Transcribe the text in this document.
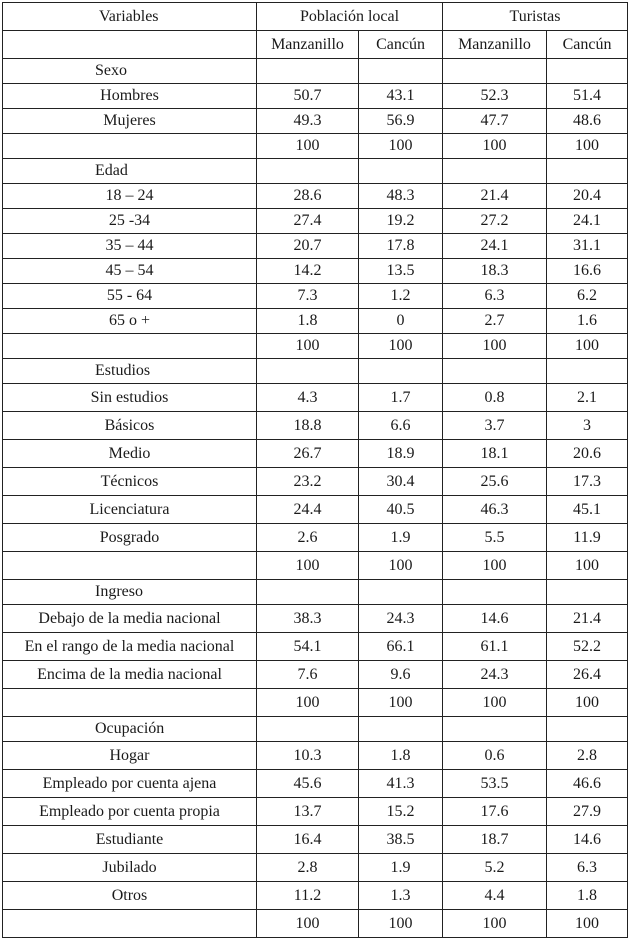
Variables	Población local		Turistas	
	Manzanillo	Cancún	Manzanillo	Cancún
Sexo				
Hombres	50.7	43.1	52.3	51.4
Mujeres	49.3	56.9	47.7	48.6
	100	100	100	100
Edad				
18 – 24	28.6	48.3	21.4	20.4
25 -34	27.4	19.2	27.2	24.1
35 – 44	20.7	17.8	24.1	31.1
45 – 54	14.2	13.5	18.3	16.6
55 - 64	7.3	1.2	6.3	6.2
65 o +	1.8	0	2.7	1.6
	100	100	100	100
Estudios				
Sin estudios	4.3	1.7	0.8	2.1
Básicos	18.8	6.6	3.7	3
Medio	26.7	18.9	18.1	20.6
Técnicos	23.2	30.4	25.6	17.3
Licenciatura	24.4	40.5	46.3	45.1
Posgrado	2.6	1.9	5.5	11.9
	100	100	100	100
Ingreso				
Debajo de la media nacional	38.3	24.3	14.6	21.4
En el rango de la media nacional	54.1	66.1	61.1	52.2
Encima de la media nacional	7.6	9.6	24.3	26.4
	100	100	100	100
Ocupación				
Hogar	10.3	1.8	0.6	2.8
Empleado por cuenta ajena	45.6	41.3	53.5	46.6
Empleado por cuenta propia	13.7	15.2	17.6	27.9
Estudiante	16.4	38.5	18.7	14.6
Jubilado	2.8	1.9	5.2	6.3
Otros	11.2	1.3	4.4	1.8
	100	100	100	100
